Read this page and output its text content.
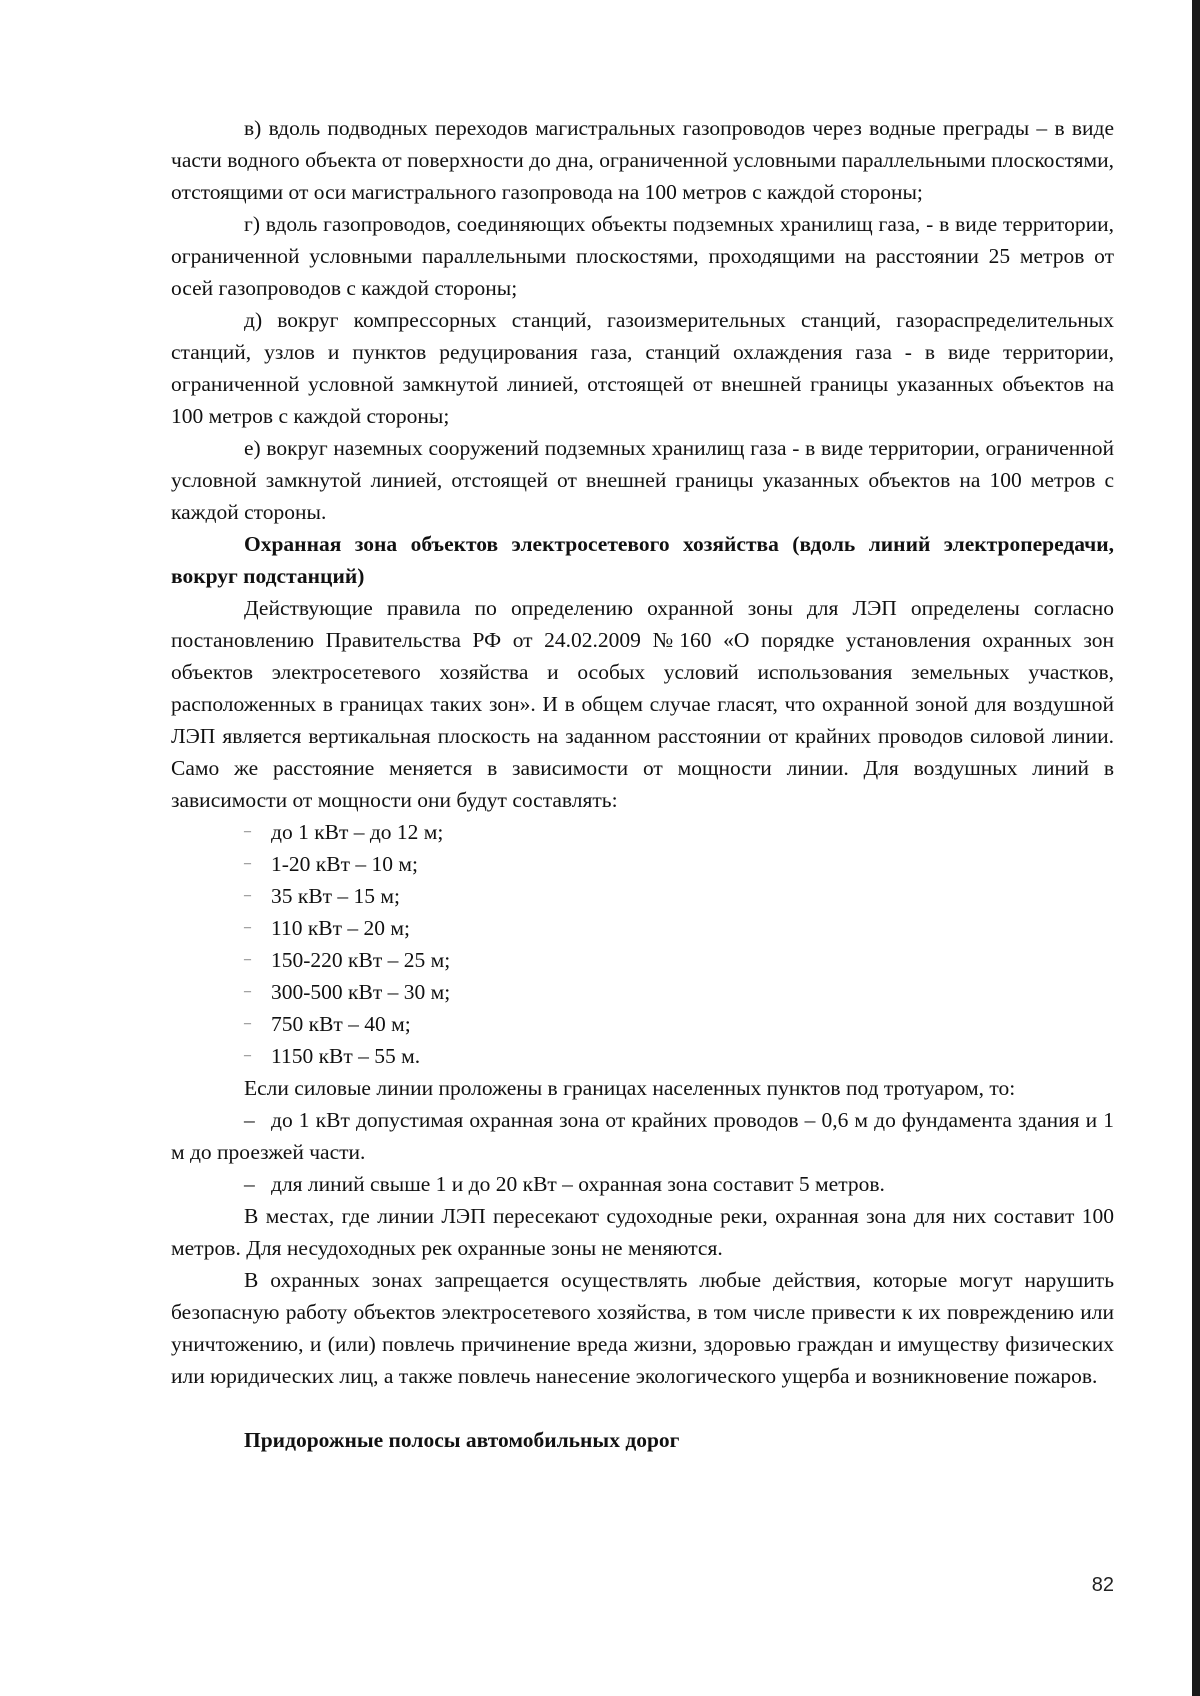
в) вдоль подводных переходов магистральных газопроводов через водные преграды – в виде части водного объекта от поверхности до дна, ограниченной условными параллельными плоскостями, отстоящими от оси магистрального газопровода на 100 метров с каждой стороны;

г) вдоль газопроводов, соединяющих объекты подземных хранилищ газа, - в виде территории, ограниченной условными параллельными плоскостями, проходящими на расстоянии 25 метров от осей газопроводов с каждой стороны;

д) вокруг компрессорных станций, газоизмерительных станций, газораспределительных станций, узлов и пунктов редуцирования газа, станций охлаждения газа - в виде территории, ограниченной условной замкнутой линией, отстоящей от внешней границы указанных объектов на 100 метров с каждой стороны;

е) вокруг наземных сооружений подземных хранилищ газа - в виде территории, ограниченной условной замкнутой линией, отстоящей от внешней границы указанных объектов на 100 метров с каждой стороны.

Охранная зона объектов электросетевого хозяйства (вдоль линий электропередачи, вокруг подстанций)

Действующие правила по определению охранной зоны для ЛЭП определены согласно постановлению Правительства РФ от 24.02.2009 №160 «О порядке установления охранных зон объектов электросетевого хозяйства и особых условий использования земельных участков, расположенных в границах таких зон». И в общем случае гласят, что охранной зоной для воздушной ЛЭП является вертикальная плоскость на заданном расстоянии от крайних проводов силовой линии. Само же расстояние меняется в зависимости от мощности линии. Для воздушных линий в зависимости от мощности они будут составлять:

– до 1 кВт – до 12 м;
– 1-20 кВт – 10 м;
– 35 кВт – 15 м;
– 110 кВт – 20 м;
– 150-220 кВт – 25 м;
– 300-500 кВт – 30 м;
– 750 кВт – 40 м;
– 1150 кВт – 55 м.

Если силовые линии проложены в границах населенных пунктов под тротуаром, то:

– до 1 кВт допустимая охранная зона от крайних проводов – 0,6 м до фундамента здания и 1 м до проезжей части.

– для линий свыше 1 и до 20 кВт – охранная зона составит 5 метров.

В местах, где линии ЛЭП пересекают судоходные реки, охранная зона для них составит 100 метров. Для несудоходных рек охранные зоны не меняются.

В охранных зонах запрещается осуществлять любые действия, которые могут нарушить безопасную работу объектов электросетевого хозяйства, в том числе привести к их повреждению или уничтожению, и (или) повлечь причинение вреда жизни, здоровью граждан и имуществу физических или юридических лиц, а также повлечь нанесение экологического ущерба и возникновение пожаров.

Придорожные полосы автомобильных дорог

82
